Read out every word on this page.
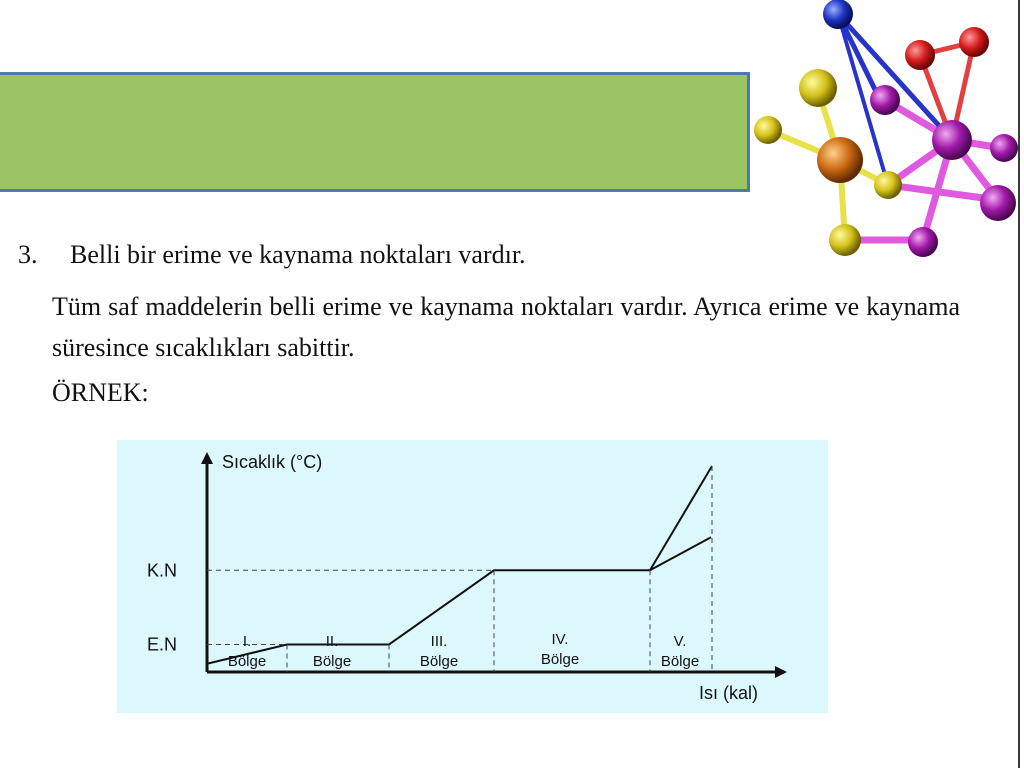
3. Belli bir erime ve kaynama noktaları vardır.
Tüm saf maddelerin belli erime ve kaynama noktaları vardır. Ayrıca erime ve kaynama süresince sıcaklıkları sabittir.
ÖRNEK:
Sıcaklık (°C)
Isı (kal)
E.N
K.N
I.
Bölge
II.
Bölge
III.
Bölge
IV.
Bölge
V.
Bölge
